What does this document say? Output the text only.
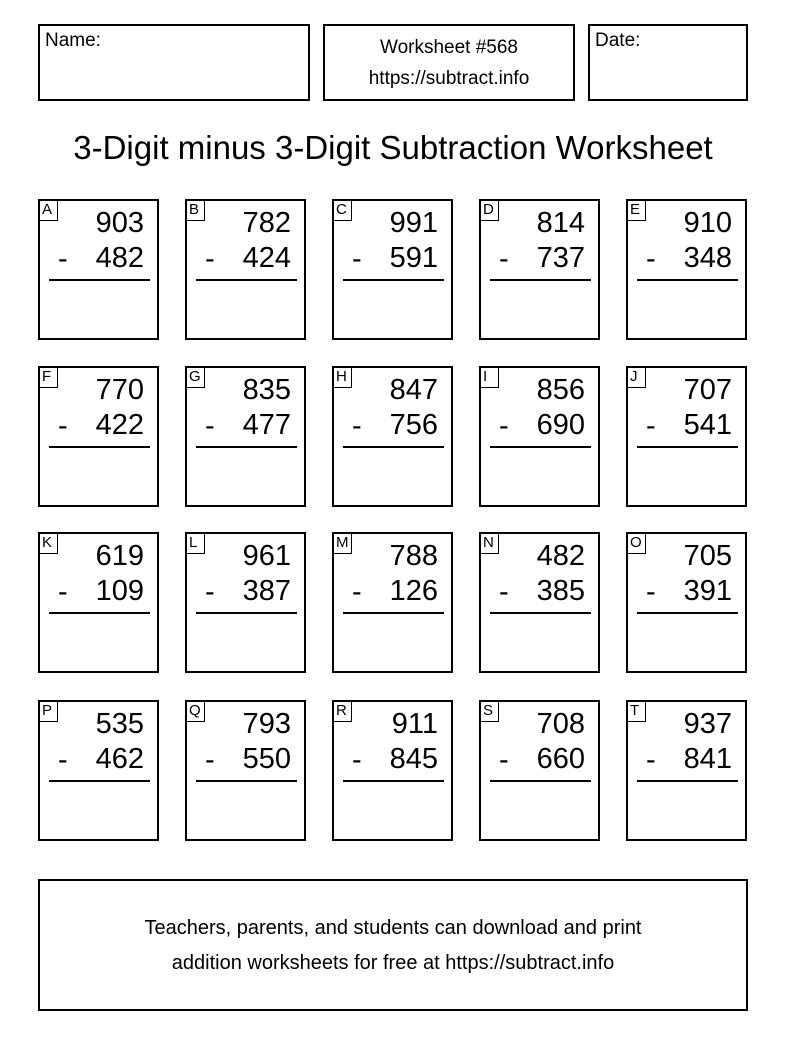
Name:	Worksheet #568
https://subtract.info
Date:
3-Digit minus 3-Digit Subtraction Worksheet
A 903
- 482
B 782
- 424
C 991
- 591
D 814
- 737
E 910
- 348
F 770
- 422
G 835
- 477
H 847
- 756
I	856
- 690
J 707
- 541
K 619
- 109
L 961
- 387
M 788
- 126
N 482
- 385
O 705
- 391
P 535
- 462
Q 793
- 550
R 911
- 845
S 708
- 660
T 937
- 841
Teachers, parents, and students can download and print
addition worksheets for free at https://subtract.info
